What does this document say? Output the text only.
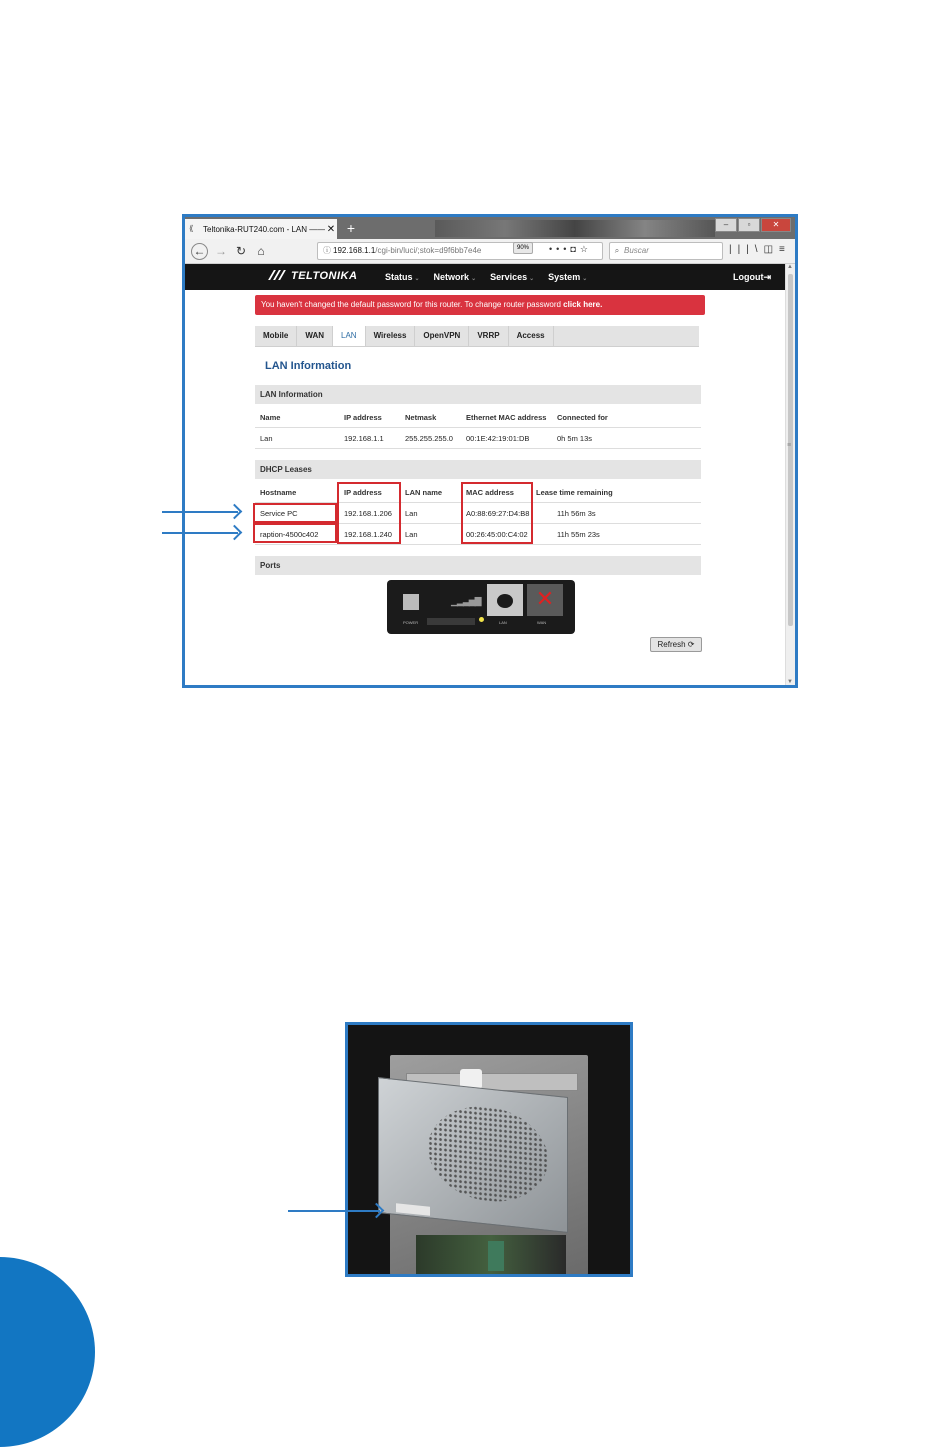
⟪	Teltonika-RUT240.com - LAN —— ✕ +	–	▫	✕
← → ↻ ⌂	ⓘ 192.168.1.1/cgi-bin/luci/;stok=d9f6bb7e4e	90%	•••◘☆	⌕ Buscar	|||\◫≡
TELTONIKA	Status ⌄ Network ⌄ Services ⌄ System ⌄	Logout⇥
You haven't changed the default password for this router. To change router password click here.
Mobile	WAN	LAN	Wireless	OpenVPN	VRRP	Access
LAN Information
LAN Information
Name	IP address	Netmask	Ethernet MAC address Connected for
Lan	192.168.1.1	255.255.255.0 00:1E:42:19:01:DB	0h 5m 13s
DHCP Leases
Hostname	IP address	LAN name	MAC address	Lease time remaining
Service PC	192.168.1.206 Lan	A0:88:69:27:D4:B8	11h 56m 3s
raption-4500c402	192.168.1.240 Lan	00:26:45:00:C4:02	11h 55m 23s
Ports
POWER
▁▂▃▅▇
LAN
✕
WAN
Refresh ⟳
▲
≡
▼
